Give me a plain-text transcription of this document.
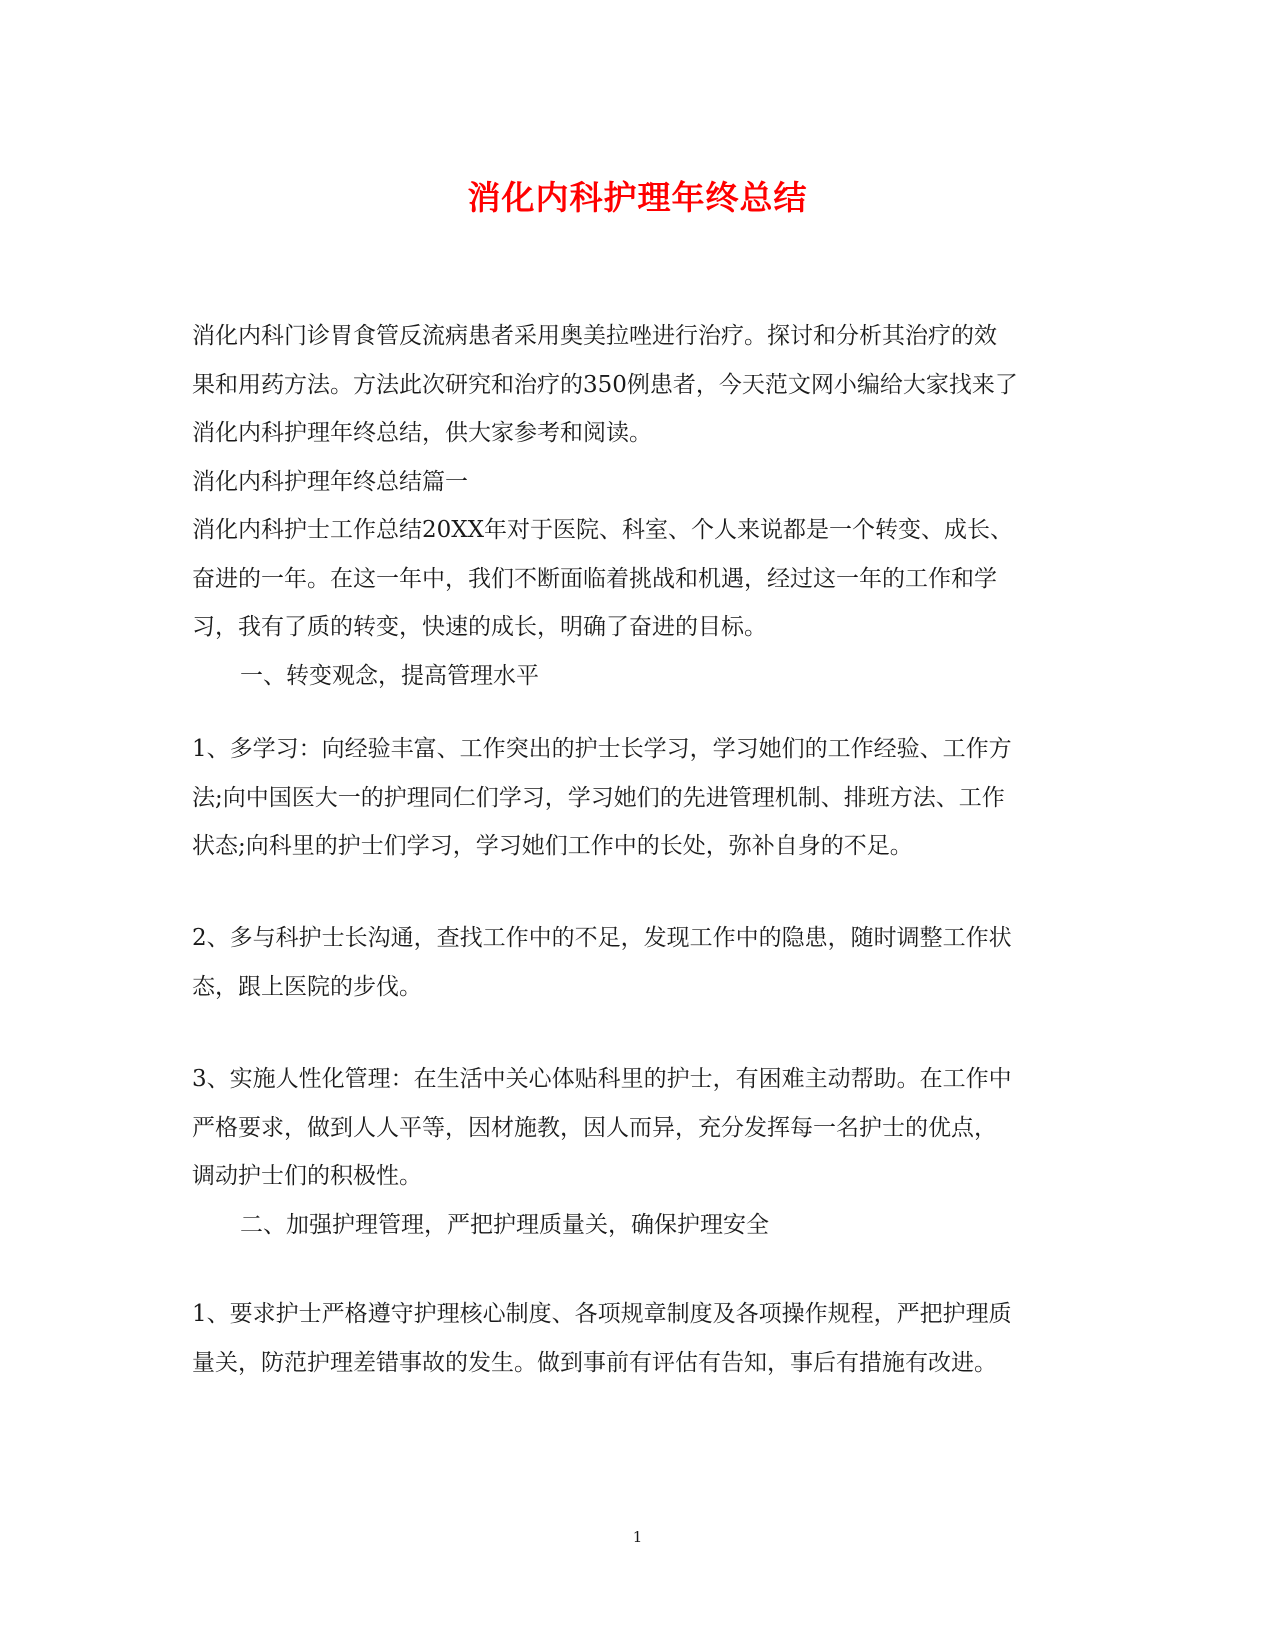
消化内科护理年终总结
消化内科门诊胃食管反流病患者采用奥美拉唑进行治疗。探讨和分析其治疗的效
果和用药方法。方法此次研究和治疗的350例患者，今天范文网小编给大家找来了
消化内科护理年终总结，供大家参考和阅读。
消化内科护理年终总结篇一
消化内科护士工作总结20XX年对于医院、科室、个人来说都是一个转变、成长、
奋进的一年。在这一年中，我们不断面临着挑战和机遇，经过这一年的工作和学
习，我有了质的转变，快速的成长，明确了奋进的目标。
一、转变观念，提高管理水平
1、多学习：向经验丰富、工作突出的护士长学习，学习她们的工作经验、工作方
法;向中国医大一的护理同仁们学习，学习她们的先进管理机制、排班方法、工作
状态;向科里的护士们学习，学习她们工作中的长处，弥补自身的不足。
2、多与科护士长沟通，查找工作中的不足，发现工作中的隐患，随时调整工作状
态，跟上医院的步伐。
3、实施人性化管理：在生活中关心体贴科里的护士，有困难主动帮助。在工作中
严格要求，做到人人平等，因材施教，因人而异，充分发挥每一名护士的优点，
调动护士们的积极性。
二、加强护理管理，严把护理质量关，确保护理安全
1、要求护士严格遵守护理核心制度、各项规章制度及各项操作规程，严把护理质
量关，防范护理差错事故的发生。做到事前有评估有告知，事后有措施有改进。
1
